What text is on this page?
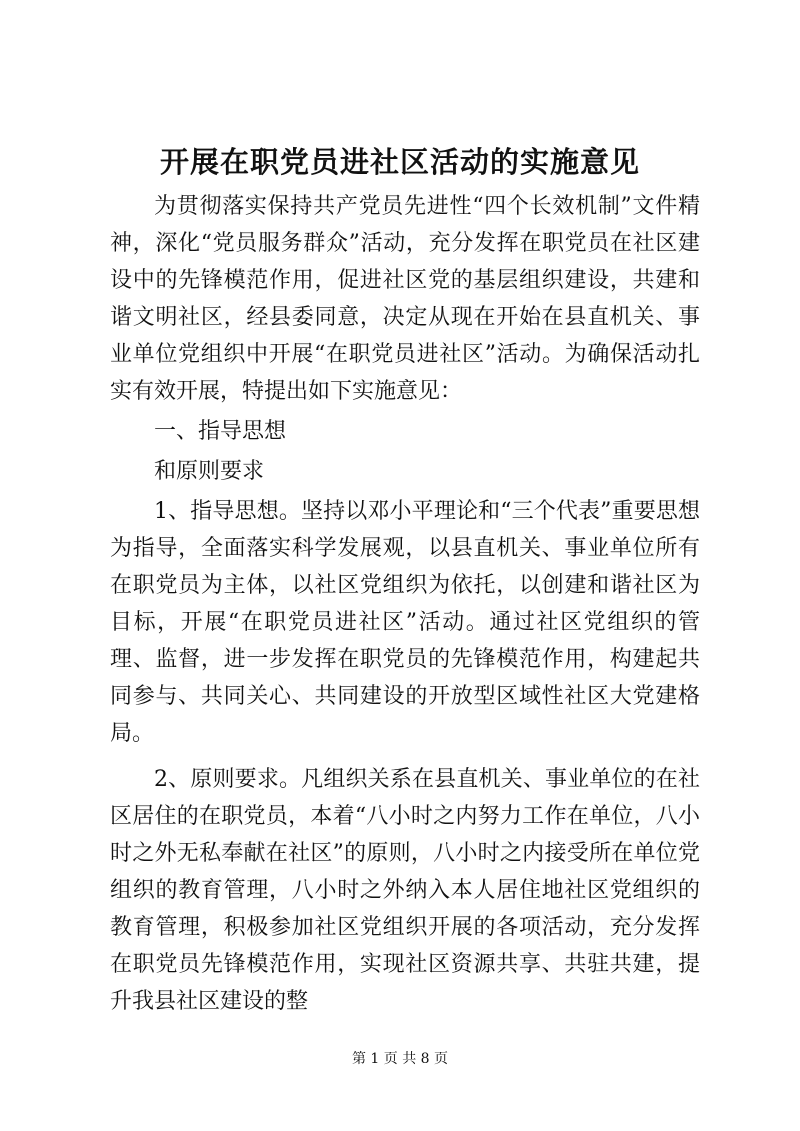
开展在职党员进社区活动的实施意见

为贯彻落实保持共产党员先进性“四个长效机制”文件精神，深化“党员服务群众”活动，充分发挥在职党员在社区建设中的先锋模范作用，促进社区党的基层组织建设，共建和谐文明社区，经县委同意，决定从现在开始在县直机关、事业单位党组织中开展“在职党员进社区”活动。为确保活动扎实有效开展，特提出如下实施意见：

一、指导思想

和原则要求

1、指导思想。坚持以邓小平理论和“三个代表”重要思想为指导，全面落实科学发展观，以县直机关、事业单位所有在职党员为主体，以社区党组织为依托，以创建和谐社区为目标，开展“在职党员进社区”活动。通过社区党组织的管理、监督，进一步发挥在职党员的先锋模范作用，构建起共同参与、共同关心、共同建设的开放型区域性社区大党建格局。

2、原则要求。凡组织关系在县直机关、事业单位的在社区居住的在职党员，本着“八小时之内努力工作在单位，八小时之外无私奉献在社区”的原则，八小时之内接受所在单位党组织的教育管理，八小时之外纳入本人居住地社区党组织的教育管理，积极参加社区党组织开展的各项活动，充分发挥在职党员先锋模范作用，实现社区资源共享、共驻共建，提升我县社区建设的整

第 1 页 共 8 页
